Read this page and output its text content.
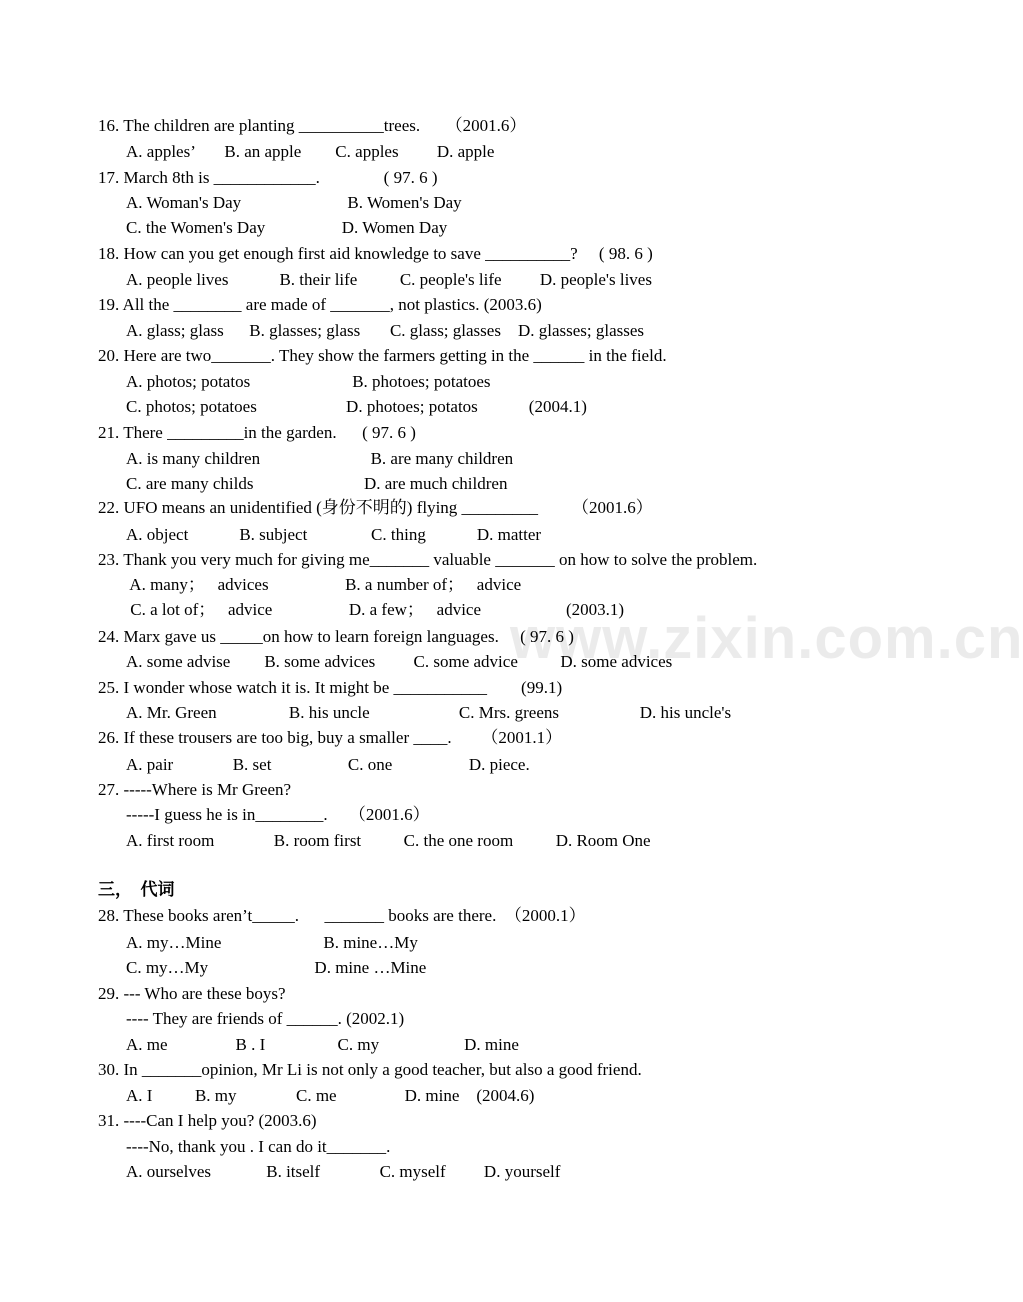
www.zixin.com.cn
16. The children are planting __________trees.      （2001.6）
A. apples’       B. an apple        C. apples         D. apple
17. March 8th is ____________.               ( 97. 6 )
A. Woman's Day                         B. Women's Day
C. the Women's Day                  D. Women Day
18. How can you get enough first aid knowledge to save __________?     ( 98. 6 )
A. people lives            B. their life          C. people's life         D. people's lives
19. All the ________ are made of _______, not plastics. (2003.6)
A. glass; glass      B. glasses; glass       C. glass; glasses    D. glasses; glasses
20. Here are two_______. They show the farmers getting in the ______ in the field.
A. photos; potatos                        B. photoes; potatoes
C. photos; potatoes                     D. photoes; potatos            (2004.1)
21. There _________in the garden.      ( 97. 6 )
A. is many children                          B. are many children
C. are many childs                          D. are much children
22. UFO means an unidentified (身份不明的) flying _________        （2001.6）
A. object            B. subject               C. thing            D. matter
23. Thank you very much for giving me_______ valuable _______ on how to solve the problem.
A. many；   advices                  B. a number of；   advice
C. a lot of；   advice                  D. a few；   advice                    (2003.1)
24. Marx gave us _____on how to learn foreign languages.     ( 97. 6 )
A. some advise        B. some advices         C. some advice          D. some advices
25. I wonder whose watch it is. It might be ___________        (99.1)
A. Mr. Green                 B. his uncle                     C. Mrs. greens                   D. his uncle's
26. If these trousers are too big, buy a smaller ____.       （2001.1）
A. pair              B. set                  C. one                  D. piece.
27. -----Where is Mr Green?
-----I guess he is in________.     （2001.6）
A. first room              B. room first          C. the one room          D. Room One
三，  代词
28. These books aren’t_____.      _______ books are there.  （2000.1）
A. my…Mine                        B. mine…My
C. my…My                         D. mine …Mine
29. --- Who are these boys?
---- They are friends of ______. (2002.1)
A. me                B . I                 C. my                    D. mine
30. In _______opinion, Mr Li is not only a good teacher, but also a good friend.
A. I          B. my              C. me                D. mine    (2004.6)
31. ----Can I help you? (2003.6)
----No, thank you . I can do it_______.
A. ourselves             B. itself              C. myself         D. yourself
